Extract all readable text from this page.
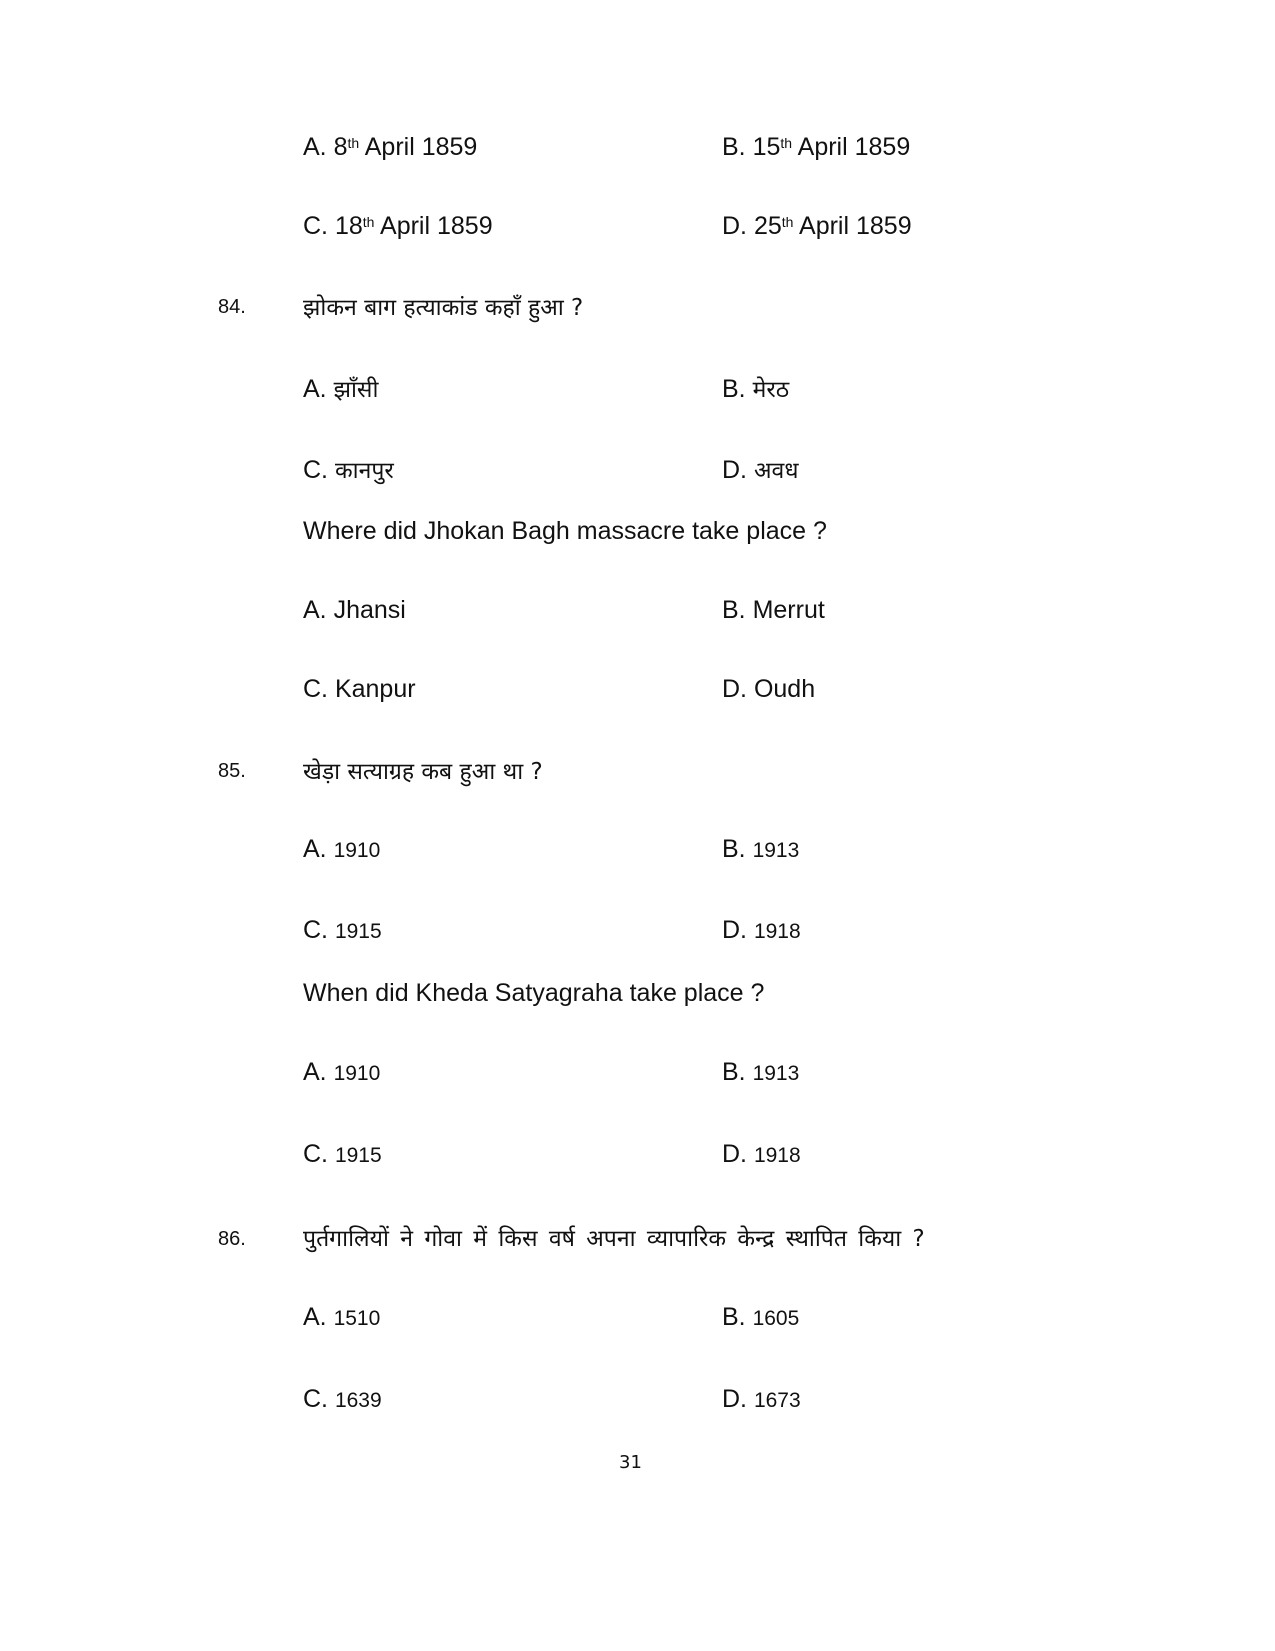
A. 8th April 1859	B. 15th April 1859
C. 18th April 1859	D. 25th April 1859
84. झोकन बाग हत्याकांड कहाँ हुआ ?
A. झाँसी	B. मेरठ
C. कानपुर	D. अवध
Where did Jhokan Bagh massacre take place ?
A. Jhansi	B. Merrut
C. Kanpur	D. Oudh
85. खेड़ा सत्याग्रह कब हुआ था ?
A. 1910	B. 1913
C. 1915	D. 1918
When did Kheda Satyagraha take place ?
A. 1910	B. 1913
C. 1915	D. 1918
86. पुर्तगालियों ने गोवा में किस वर्ष अपना व्यापारिक केन्द्र स्थापित किया ?
A. 1510	B. 1605
C. 1639	D. 1673
31
